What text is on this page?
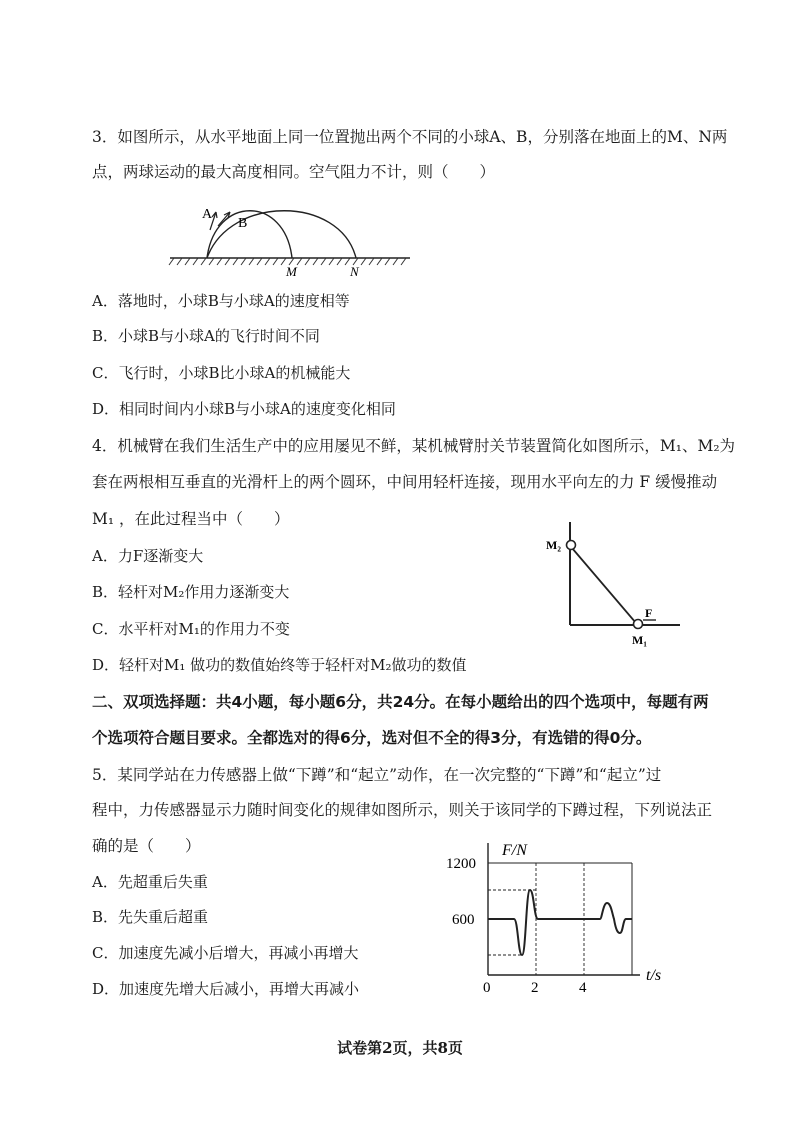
3．如图所示，从水平地面上同一位置抛出两个不同的小球A、B，分别落在地面上的M、N两
点，两球运动的最大高度相同。空气阻力不计，则（　　）
A
B
M	N
A．落地时，小球B与小球A的速度相等
B．小球B与小球A的飞行时间不同
C．飞行时，小球B比小球A的机械能大
D．相同时间内小球B与小球A的速度变化相同
4．机械臂在我们生活生产中的应用屡见不鲜，某机械臂肘关节装置简化如图所示，M₁、M₂为
套在两根相互垂直的光滑杆上的两个圆环，中间用轻杆连接，现用水平向左的力 F 缓慢推动
M₁ ，在此过程当中（　　）
M₂
M₁
F
A．力F逐渐变大
B．轻杆对M₂作用力逐渐变大
C．水平杆对M₁的作用力不变
D．轻杆对M₁ 做功的数值始终等于轻杆对M₂做功的数值
二、双项选择题：共4小题，每小题6分，共24分。在每小题给出的四个选项中，每题有两
个选项符合题目要求。全都选对的得6分，选对但不全的得3分，有选错的得0分。
5．某同学站在力传感器上做“下蹲”和“起立”动作，在一次完整的“下蹲”和“起立”过
程中，力传感器显示力随时间变化的规律如图所示，则关于该同学的下蹲过程，下列说法正
确的是（　　）
A．先超重后失重
B．先失重后超重
C．加速度先减小后增大，再减小再增大
D．加速度先增大后减小，再增大再减小
F/N
1200
600
0	2	4
t/s
试卷第2页，共8页
